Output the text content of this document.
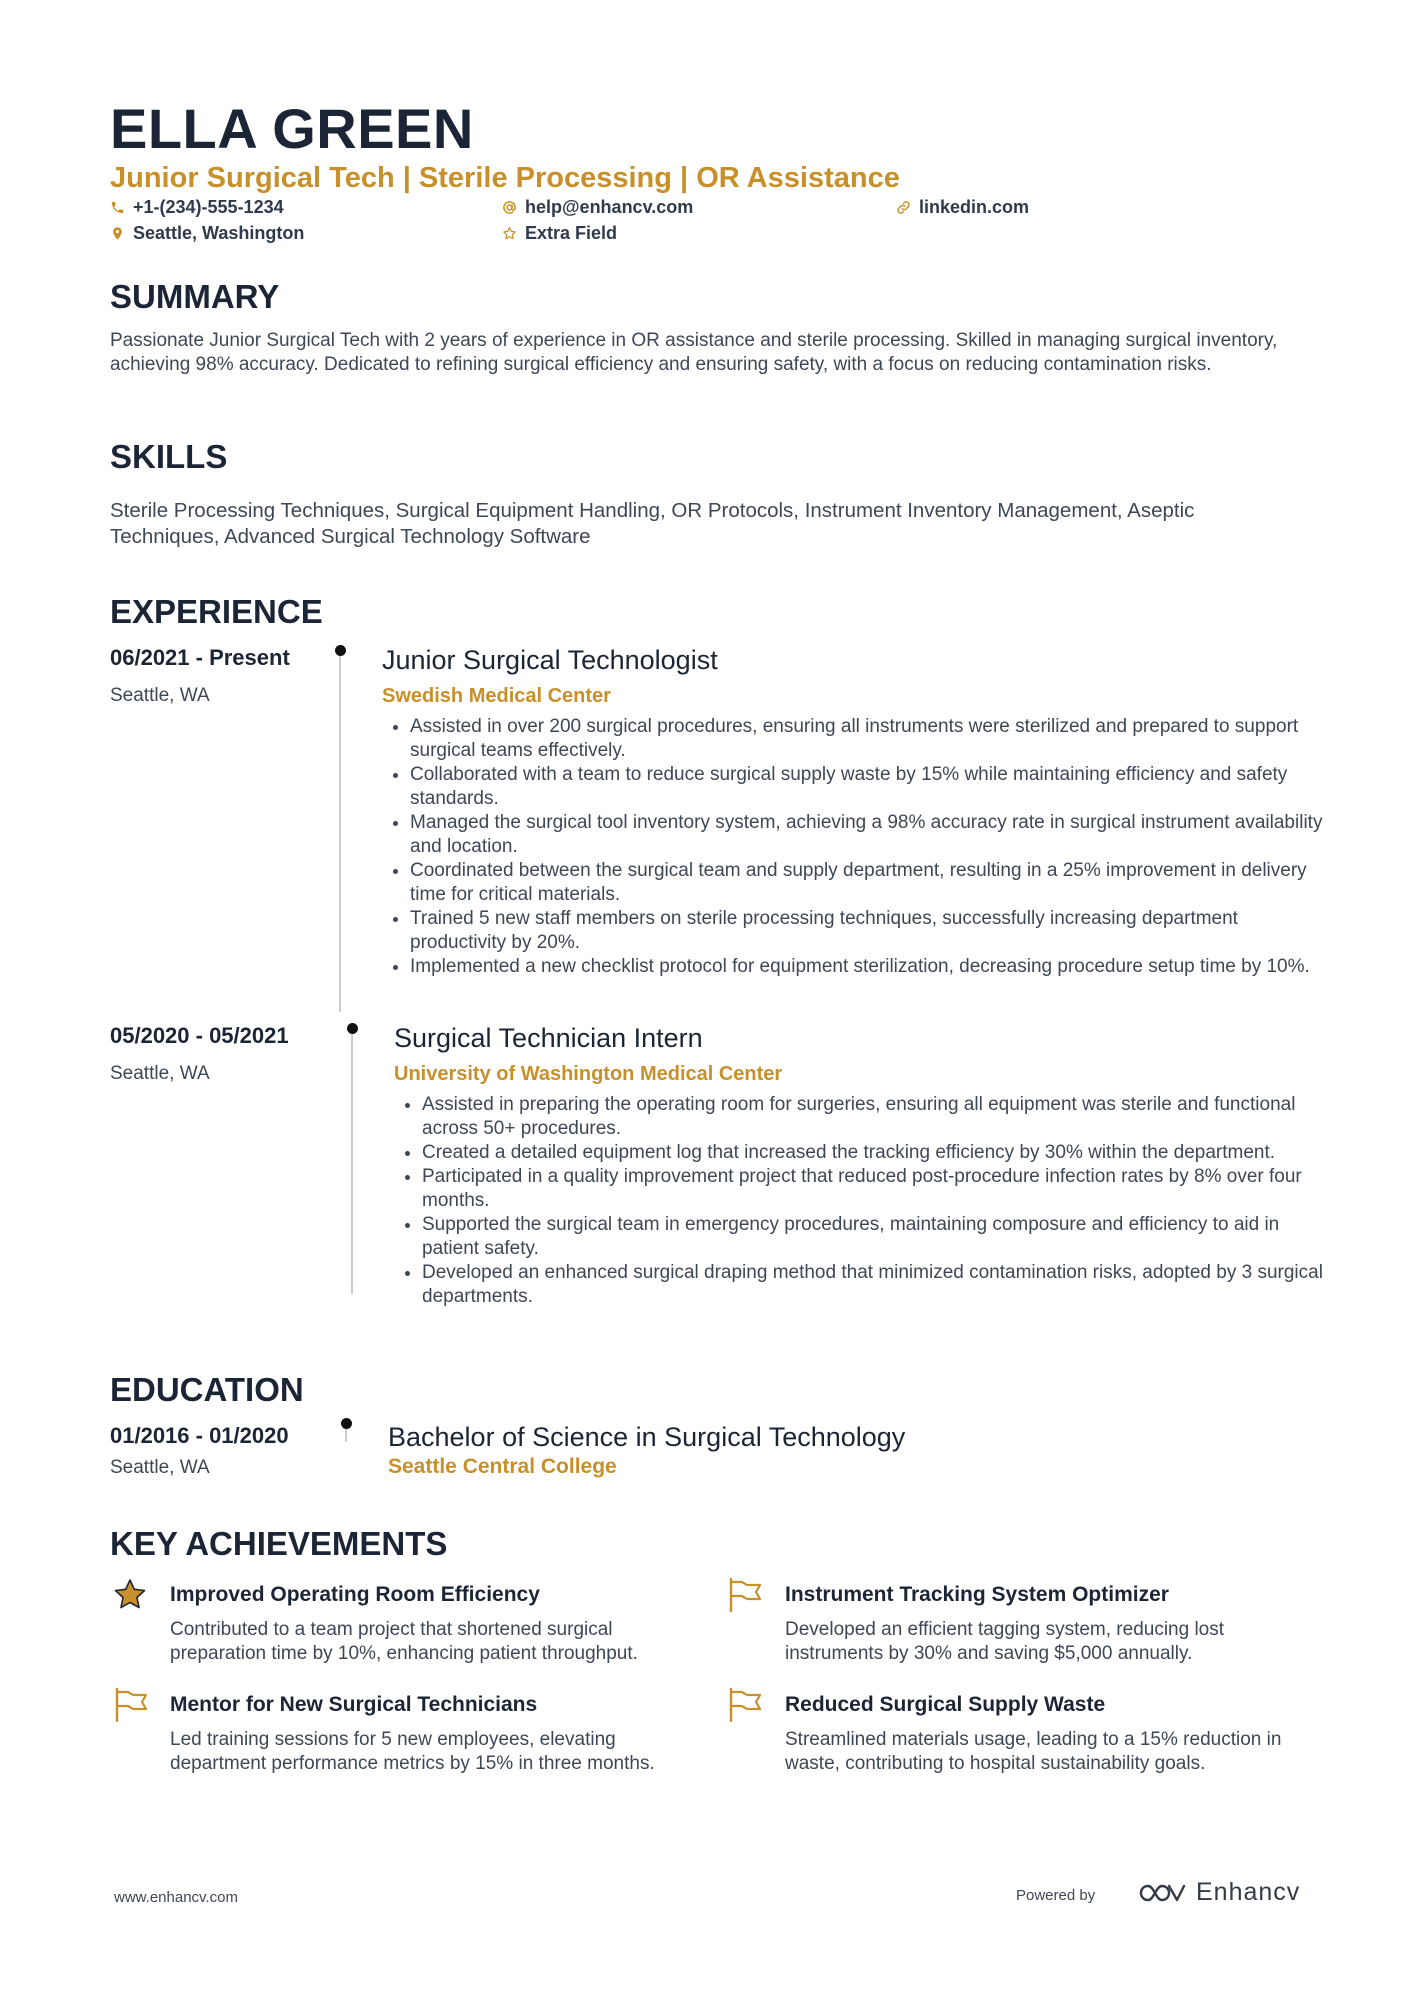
ELLA GREEN
Junior Surgical Tech | Sterile Processing | OR Assistance
+1-(234)-555-1234	help@enhancv.com	linkedin.com
Seattle, Washington	Extra Field
SUMMARY

Passionate Junior Surgical Tech with 2 years of experience in OR assistance and sterile processing. Skilled in managing surgical inventory, achieving 98% accuracy. Dedicated to refining surgical efficiency and ensuring safety, with a focus on reducing contamination risks.

SKILLS

Sterile Processing Techniques, Surgical Equipment Handling, OR Protocols, Instrument Inventory Management, Aseptic Techniques, Advanced Surgical Technology Software

EXPERIENCE
06/2021 - Present
Seattle, WA
Junior Surgical Technologist
Swedish Medical Center
• Assisted in over 200 surgical procedures, ensuring all instruments were sterilized and prepared to support surgical teams effectively.
• Collaborated with a team to reduce surgical supply waste by 15% while maintaining efficiency and safety standards.
• Managed the surgical tool inventory system, achieving a 98% accuracy rate in surgical instrument availability and location.
• Coordinated between the surgical team and supply department, resulting in a 25% improvement in delivery time for critical materials.
• Trained 5 new staff members on sterile processing techniques, successfully increasing department productivity by 20%.
• Implemented a new checklist protocol for equipment sterilization, decreasing procedure setup time by 10%.
05/2020 - 05/2021
Seattle, WA
Surgical Technician Intern
University of Washington Medical Center
• Assisted in preparing the operating room for surgeries, ensuring all equipment was sterile and functional across 50+ procedures.
• Created a detailed equipment log that increased the tracking efficiency by 30% within the department.
• Participated in a quality improvement project that reduced post-procedure infection rates by 8% over four months.
• Supported the surgical team in emergency procedures, maintaining composure and efficiency to aid in patient safety.
• Developed an enhanced surgical draping method that minimized contamination risks, adopted by 3 surgical departments.
EDUCATION
01/2016 - 01/2020
Seattle, WA
Bachelor of Science in Surgical Technology
Seattle Central College
KEY ACHIEVEMENTS
Improved Operating Room Efficiency

Contributed to a team project that shortened surgical preparation time by 10%, enhancing patient throughput.

Instrument Tracking System Optimizer

Developed an efficient tagging system, reducing lost instruments by 30% and saving $5,000 annually.

Mentor for New Surgical Technicians

Led training sessions for 5 new employees, elevating department performance metrics by 15% in three months.

Reduced Surgical Supply Waste

Streamlined materials usage, leading to a 15% reduction in waste, contributing to hospital sustainability goals.

www.enhancv.com	Powered by	Enhancv
